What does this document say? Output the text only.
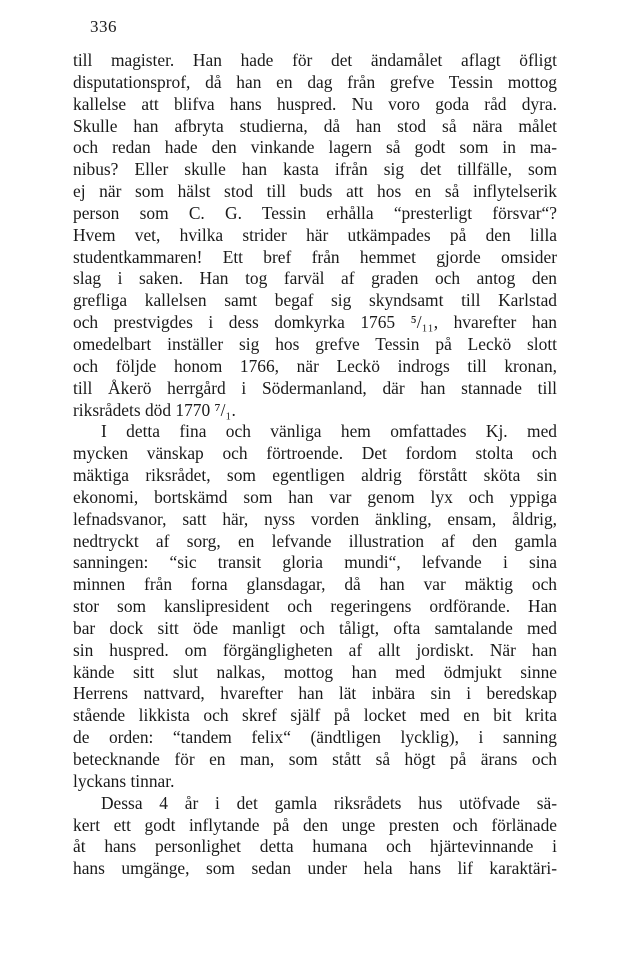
336
till magister. Han hade för det ändamålet aflagt öfligt
disputationsprof, då han en dag från grefve Tessin mottog
kallelse att blifva hans huspred. Nu voro goda råd dyra.
Skulle han afbryta studierna, då han stod så nära målet
och redan hade den vinkande lagern så godt som in ma-
nibus? Eller skulle han kasta ifrån sig det tillfälle, som
ej när som hälst stod till buds att hos en så inflytelserik
person som C. G. Tessin erhålla “presterligt försvar“?
Hvem vet, hvilka strider här utkämpades på den lilla
studentkammaren! Ett bref från hemmet gjorde omsider
slag i saken. Han tog farväl af graden och antog den
grefliga kallelsen samt begaf sig skyndsamt till Karlstad
och prestvigdes i dess domkyrka 1765 ⁵/₁₁, hvarefter han
omedelbart inställer sig hos grefve Tessin på Leckö slott
och följde honom 1766, när Leckö indrogs till kronan,
till Åkerö herrgård i Södermanland, där han stannade till
riksrådets död 1770 ⁷/₁.
I detta fina och vänliga hem omfattades Kj. med
mycken vänskap och förtroende. Det fordom stolta och
mäktiga riksrådet, som egentligen aldrig förstått sköta sin
ekonomi, bortskämd som han var genom lyx och yppiga
lefnadsvanor, satt här, nyss vorden änkling, ensam, åldrig,
nedtryckt af sorg, en lefvande illustration af den gamla
sanningen: “sic transit gloria mundi“, lefvande i sina
minnen från forna glansdagar, då han var mäktig och
stor som kanslipresident och regeringens ordförande. Han
bar dock sitt öde manligt och tåligt, ofta samtalande med
sin huspred. om förgängligheten af allt jordiskt. När han
kände sitt slut nalkas, mottog han med ödmjukt sinne
Herrens nattvard, hvarefter han lät inbära sin i beredskap
stående likkista och skref själf på locket med en bit krita
de orden: “tandem felix“ (ändtligen lycklig), i sanning
betecknande för en man, som stått så högt på ärans och
lyckans tinnar.
Dessa 4 år i det gamla riksrådets hus utöfvade sä-
kert ett godt inflytande på den unge presten och förlänade
åt hans personlighet detta humana och hjärtevinnande i
hans umgänge, som sedan under hela hans lif karaktäri-
